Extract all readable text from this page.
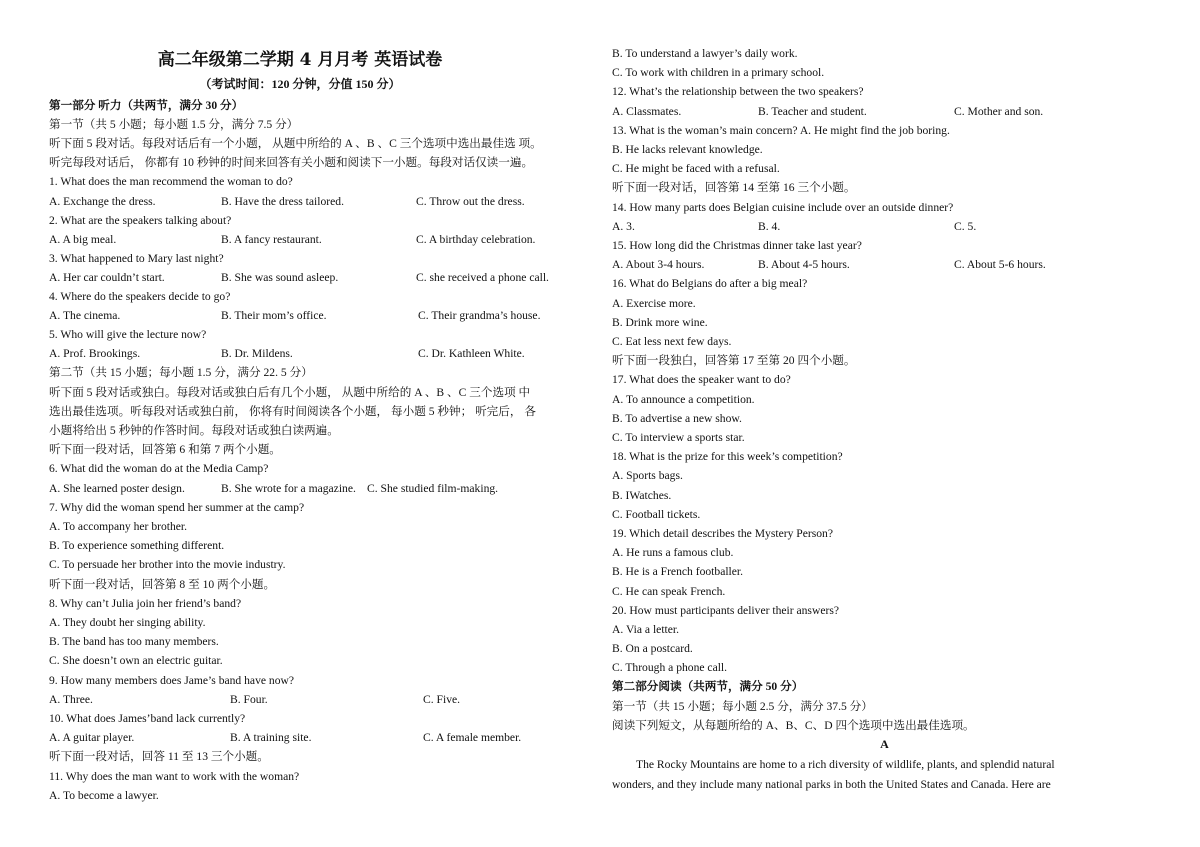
高二年级第二学期 4 月月考 英语试卷
（考试时间：120 分钟，分值 150 分）
第一部分 听力（共两节，满分 30 分）
第一节（共 5 小题；每小题 1.5 分，满分 7.5 分）
听下面 5 段对话。每段对话后有一个小题， 从题中所给的 A 、B 、C 三个选项中选出最佳选 项。
听完每段对话后， 你都有 10 秒钟的时间来回答有关小题和阅读下一小题。每段对话仅读一遍。
1. What does the man recommend the woman to do?
A. Exchange the dress.	B. Have the dress tailored.	C. Throw out the dress.
2. What are the speakers talking about?
A. A big meal.	B. A fancy restaurant.	C. A birthday celebration.
3. What happened to Mary last night?
A. Her car couldn’t start.	B. She was sound asleep.	C. she received a phone call.
4. Where do the speakers decide to go?
A. The cinema.	B. Their mom’s office.	C. Their grandma’s house.
5. Who will give the lecture now?
A. Prof. Brookings.	B. Dr. Mildens.	C. Dr. Kathleen White.
第二节（共 15 小题；每小题 1.5 分，满分 22. 5 分）
听下面 5 段对话或独白。每段对话或独白后有几个小题， 从题中所给的 A 、B 、C 三个选项 中
选出最佳选项。听每段对话或独白前， 你将有时间阅读各个小题， 每小题 5 秒钟； 听完后， 各
小题将给出 5 秒钟的作答时间。每段对话或独白读两遍。
听下面一段对话，回答第 6 和第 7 两个小题。
6. What did the woman do at the Media Camp?
A. She learned poster design.	B. She wrote for a magazine. C. She studied film-making.
7. Why did the woman spend her summer at the camp?
A. To accompany her brother.
B. To experience something different.
C. To persuade her brother into the movie industry.
听下面一段对话，回答第 8 至 10 两个小题。
8. Why can’t Julia join her friend’s band?
A. They doubt her singing ability.
B. The band has too many members.
C. She doesn’t own an electric guitar.
9. How many members does Jame’s band have now?
A. Three.	B. Four.	C. Five.
10. What does James’band lack currently?
A. A guitar player.	B. A training site.	C. A female member.
听下面一段对话，回答 11 至 13 三个小题。
11. Why does the man want to work with the woman?
A. To become a lawyer.
B. To understand a lawyer’s daily work.
C. To work with children in a primary school.
12. What’s the relationship between the two speakers?
A. Classmates.	B. Teacher and student.	C. Mother and son.
13. What is the woman’s main concern? A. He might find the job boring.
B. He lacks relevant knowledge.
C. He might be faced with a refusal.
听下面一段对话，回答第 14 至第 16 三个小题。
14. How many parts does Belgian cuisine include over an outside dinner?
A. 3.	B. 4.	C. 5.
15. How long did the Christmas dinner take last year?
A. About 3-4 hours.	B. About 4-5 hours.	C. About 5-6 hours.
16. What do Belgians do after a big meal?
A. Exercise more.
B. Drink more wine.
C. Eat less next few days.
听下面一段独白，回答第 17 至第 20 四个小题。
17. What does the speaker want to do?
A. To announce a competition.
B. To advertise a new show.
C. To interview a sports star.
18. What is the prize for this week’s competition?
A. Sports bags.
B. IWatches.
C. Football tickets.
19. Which detail describes the Mystery Person?
A. He runs a famous club.
B. He is a French footballer.
C. He can speak French.
20. How must participants deliver their answers?
A. Via a letter.
B. On a postcard.
C. Through a phone call.
第二部分阅读（共两节，满分 50 分）
第一节（共 15 小题；每小题 2.5 分，满分 37.5 分）
阅读下列短文，从每题所给的 A、B、C、D 四个选项中选出最佳选项。
A
The Rocky Mountains are home to a rich diversity of wildlife, plants, and splendid natural
wonders, and they include many national parks in both the United States and Canada. Here are
